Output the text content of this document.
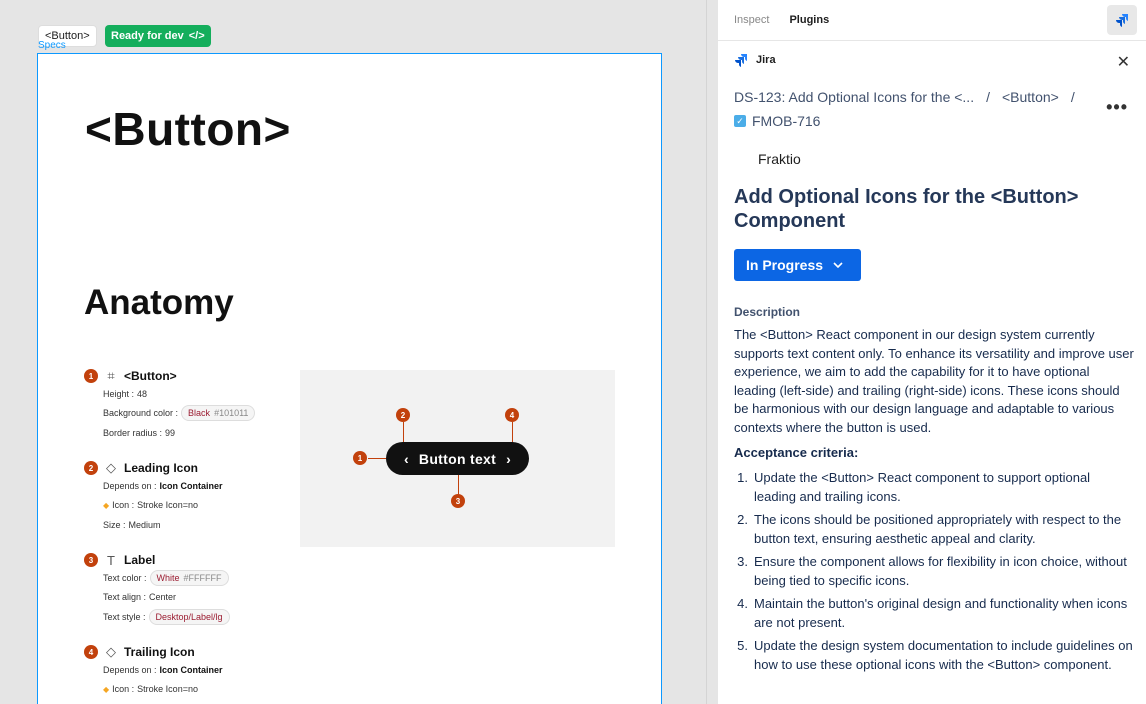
<Button>	Ready for dev </>
Specs
<Button>
Anatomy
1	⌗ <Button>
Height : 48
Background color : Black #101011
Border radius : 99
2 ◇ Leading Icon
Depends on : Icon Container
◆ Icon : Stroke Icon=no
Size : Medium
3	T Label
Text color : White #FFFFFF
Text align : Center
Text style : Desktop/Label/lg
4 ◇ Trailing Icon
Depends on : Icon Container
◆ Icon : Stroke Icon=no
‹ Button text ›
1
2
3
4
Inspect Plugins
Jira	✕
DS-123: Add Optional Icons for the <... / <Button> /
✓ FMOB-716
•••
Fraktio
Add Optional Icons for the <Button> Component
In Progress
Description
The <Button> React component in our design system currently supports text content only. To enhance its versatility and improve user experience, we aim to add the capability for it to have optional leading (left-side) and trailing (right-side) icons. These icons should be harmonious with our design language and adaptable to various contexts where the button is used.
Acceptance criteria:
1. Update the <Button> React component to support optional leading and trailing icons.
2. The icons should be positioned appropriately with respect to the button text, ensuring aesthetic appeal and clarity.
3. Ensure the component allows for flexibility in icon choice, without being tied to specific icons.
4. Maintain the button's original design and functionality when icons are not present.
5. Update the design system documentation to include guidelines on how to use these optional icons with the <Button> component.
